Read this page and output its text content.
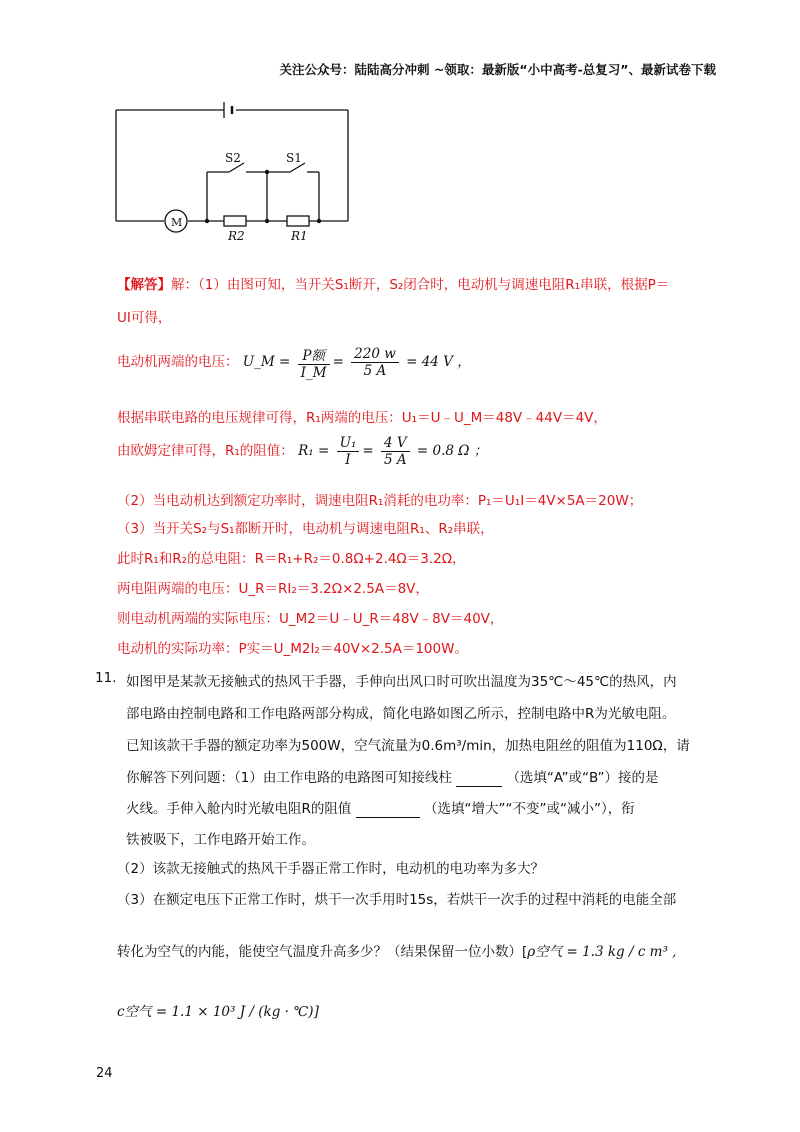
关注公众号：陆陆高分冲刺 ~领取：最新版“小中高考-总复习”、最新试卷下载
S2	S1
M
R2	R1
【解答】解：（1）由图可知，当开关S₁断开，S₂闭合时，电动机与调速电阻R₁串联，根据P＝
UI可得，
电动机两端的电压： U_M = $\frac{\text{P额}}{I\_M} = \frac{220 w}{5 A} = 44$ V ，
根据串联电路的电压规律可得，R₁两端的电压：U₁＝U﹣U_M＝48V﹣44V＝4V，
由欧姆定律可得，R₁的阻值： $R_1 = \frac{\text{U₁}}{I} = \frac{4 V}{5 A} = 0.8$ Ω ；
（2）当电动机达到额定功率时，调速电阻R₁消耗的电功率：P₁＝U₁I＝4V×5A＝20W；
（3）当开关S₂与S₁都断开时，电动机与调速电阻R₁、R₂串联，
此时R₁和R₂的总电阻：R＝R₁+R₂＝0.8Ω+2.4Ω＝3.2Ω，
两电阻两端的电压：U_R＝RI₂＝3.2Ω×2.5A＝8V，
则电动机两端的实际电压：U_M2＝U﹣U_R＝48V﹣8V＝40V，
电动机的实际功率：P实＝U_M2I₂＝40V×2.5A＝100W。
11. 如图甲是某款无接触式的热风干手器，手伸向出风口时可吹出温度为35℃～45℃的热风，内
部电路由控制电路和工作电路两部分构成，简化电路如图乙所示，控制电路中R为光敏电阻。
已知该款干手器的额定功率为500W，空气流量为0.6m³/min，加热电阻丝的阻值为110Ω，请
你解答下列问题：（1）由工作电路的电路图可知接线柱	（选填“A”或“B”）接的是
火线。手伸入舱内时光敏电阻R的阻值	（选填“增大”“不变”或“减小”），衔
铁被吸下，工作电路开始工作。
（2）该款无接触式的热风干手器正常工作时，电动机的电功率为多大？
（3）在额定电压下正常工作时，烘干一次手用时15s，若烘干一次手的过程中消耗的电能全部
转化为空气的内能，能使空气温度升高多少？（结果保留一位小数）[ρ空气 = 1.3 kg / c m³ ,
c空气 = 1.1 × 10³ J / (kg · ℃)]
24
